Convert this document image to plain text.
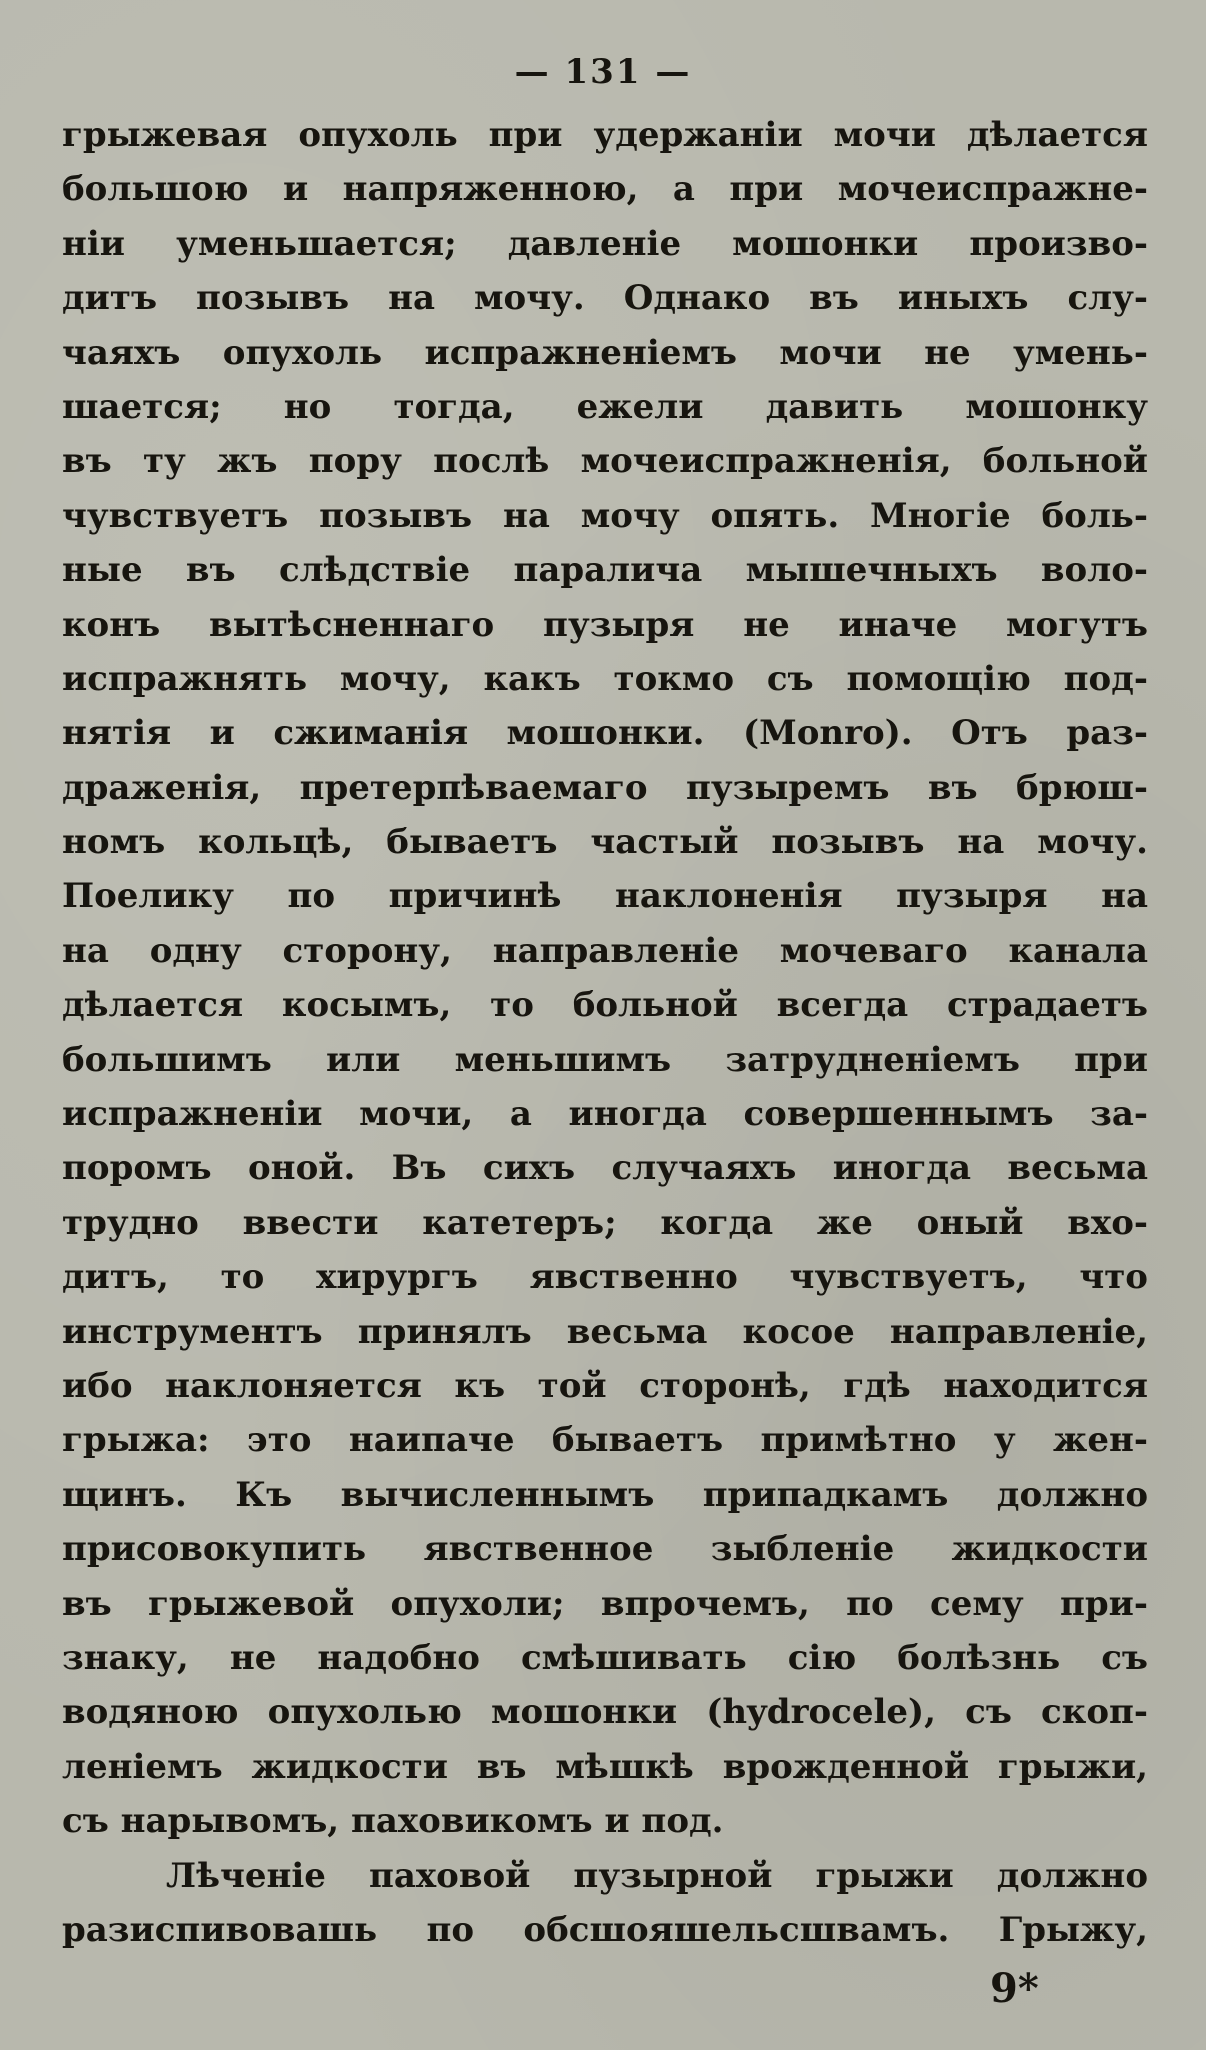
— 131 —
грыжевая опухоль при удержаніи мочи дѣлается
большою и напряженною, а при мочеиспражне-
ніи уменьшается; давленіе мошонки произво-
дитъ позывъ на мочу. Однако въ иныхъ слу-
чаяхъ опухоль испражненіемъ мочи не умень-
шается; но тогда, ежели давить мошонку
въ ту жъ пору послѣ мочеиспражненія, больной
чувствуетъ позывъ на мочу опять. Многіе боль-
ные въ слѣдствіе паралича мышечныхъ воло-
конъ вытѣсненнаго пузыря не иначе могутъ
испражнять мочу, какъ токмо съ помощію под-
нятія и сжиманія мошонки. (Monro). Отъ раз-
драженія, претерпѣваемаго пузыремъ въ брюш-
номъ кольцѣ, бываетъ частый позывъ на мочу.
Поелику по причинѣ наклоненія пузыря на
на одну сторону, направленіе мочеваго канала
дѣлается косымъ, то больной всегда страдаетъ
большимъ или меньшимъ затрудненіемъ при
испражненіи мочи, а иногда совершеннымъ за-
поромъ оной. Въ сихъ случаяхъ иногда весьма
трудно ввести катетеръ; когда же оный вхо-
дитъ, то хирургъ явственно чувствуетъ, что
инструментъ принялъ весьма косое направленіе,
ибо наклоняется къ той сторонѣ, гдѣ находится
грыжа: это наипаче бываетъ примѣтно у жен-
щинъ. Къ вычисленнымъ припадкамъ должно
присовокупить явственное зыбленіе жидкости
въ грыжевой опухоли; впрочемъ, по сему при-
знаку, не надобно смѣшивать сію болѣзнь съ
водяною опухолью мошонки (hydrocele), съ скоп-
леніемъ жидкости въ мѣшкѣ врожденной грыжи,
съ нарывомъ, паховикомъ и под.
Лѣченіе паховой пузырной грыжи должно
разиспивовашь по обсшояшельсшвамъ. Грыжу,
9*
